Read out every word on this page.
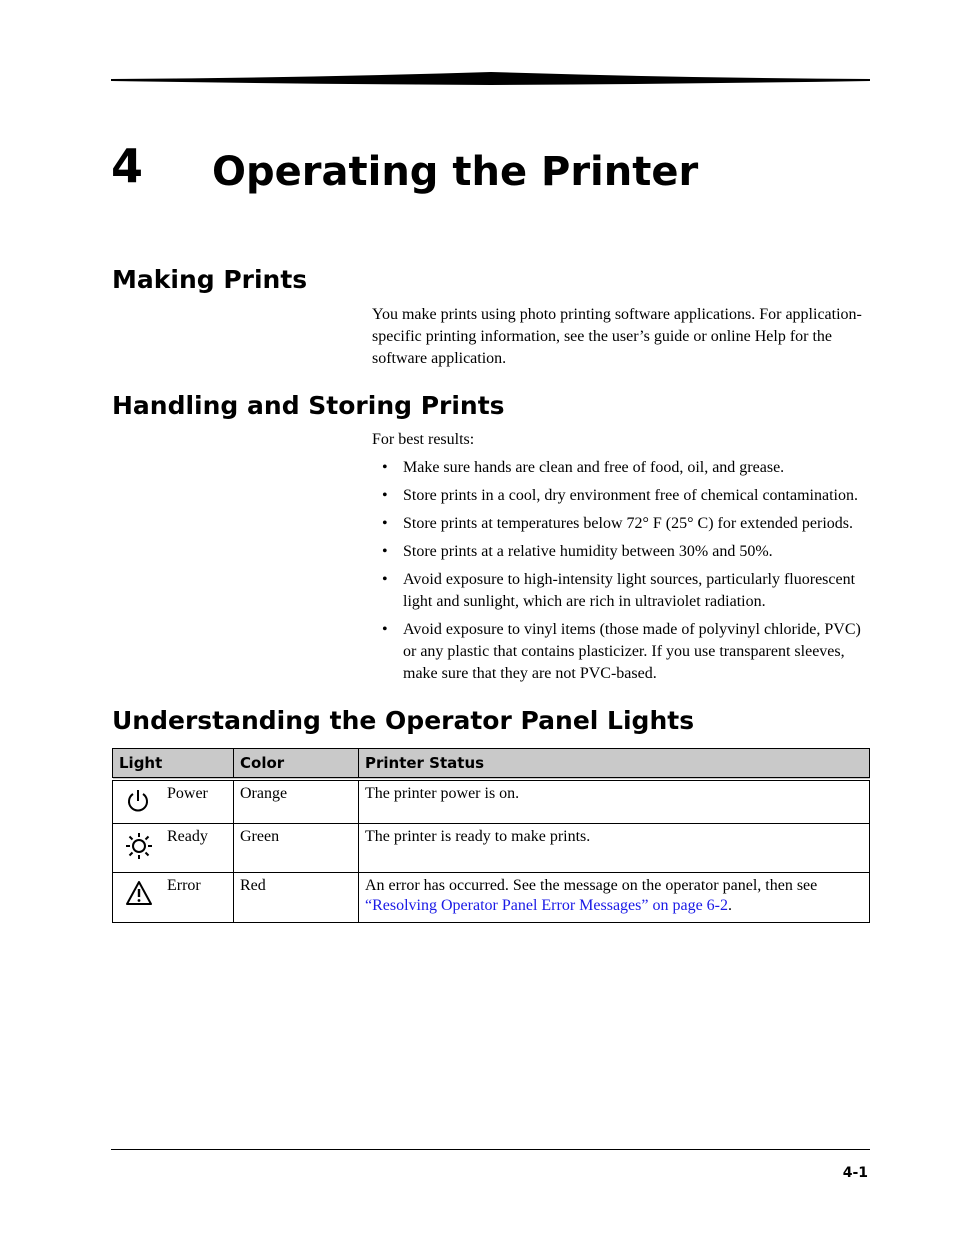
4 Operating the Printer
Making Prints

You make prints using photo printing software applications. For application-specific printing information, see the user’s guide or online Help for the software application.

Handling and Storing Prints

For best results:

• Make sure hands are clean and free of food, oil, and grease.
• Store prints in a cool, dry environment free of chemical contamination.
• Store prints at temperatures below 72° F (25° C) for extended periods.
• Store prints at a relative humidity between 30% and 50%.
• Avoid exposure to high-intensity light sources, particularly fluorescent light and sunlight, which are rich in ultraviolet radiation.
• Avoid exposure to vinyl items (those made of polyvinyl chloride, PVC) or any plastic that contains plasticizer. If you use transparent sleeves, make sure that they are not PVC-based.
Understanding the Operator Panel Lights
Light	Color	Printer Status

Power	Orange	The printer power is on.

Ready	Green	The printer is ready to make prints.

Error	Red	An error has occurred. See the message on the operator panel, then see
“Resolving Operator Panel Error Messages” on page 6-2.
4-1
